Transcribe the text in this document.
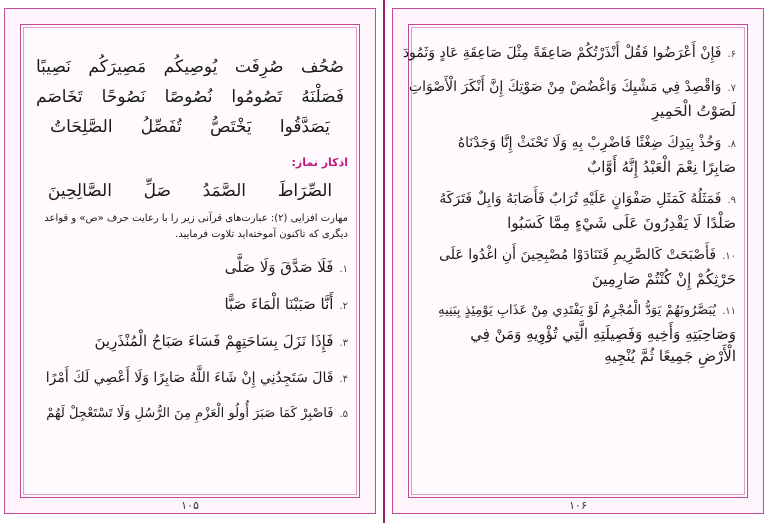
صُحُف
صُرِفَت
يُوصِيكُم
مَصِيرَكُم
نَصِيبًا
فَصَلْنَهُ
تَصُومُوا
نُصُوصًا
نَصُوحًا
تَخَاصَم
يَصَدَّقُوا
يَخْتَصُّ
تُفَصِّلُ
الصَّلِحَاتُ
اذکار نماز:
الصِّرَاطَ
الصَّمَدُ
صَلِّ
الصَّالِحِينَ
مهارت افزایی (۲): عبارت‌های قرآنی زیر را با رعایت حرف «ص» و قواعد دیگری که تاکنون آموخته‌اید تلاوت فرمایید.
۱.فَلَا صَدَّقَ وَلَا صَلَّى
۲.أَنَّا صَبَبْنَا الْمَاءَ صَبًّا
۳.فَإِذَا نَزَلَ بِسَاحَتِهِمْ فَسَاءَ صَبَاحُ الْمُنْذَرِينَ
۴.قَالَ سَتَجِدُنِي إِنْ شَاءَ اللَّهُ صَابِرًا وَلَا أَعْصِي لَكَ أَمْرًا
۵.فَاصْبِرْ كَمَا صَبَرَ أُولُو الْعَزْمِ مِنَ الرُّسُلِ وَلَا تَسْتَعْجِلْ لَهُمْ
۱۰۵
۶.فَإِنْ أَعْرَضُوا فَقُلْ أَنْذَرْتُكُمْ صَاعِقَةً مِثْلَ صَاعِقَةِ عَادٍ وَثَمُودَ
۷.وَاقْصِدْ فِي مَشْيِكَ وَاغْضُضْ مِنْ صَوْتِكَ إِنَّ أَنْكَرَ الْأَصْوَاتِ
لَصَوْتُ الْحَمِيرِ
۸.وَخُذْ بِيَدِكَ ضِغْثًا فَاضْرِبْ بِهِ وَلَا تَحْنَثْ إِنَّا وَجَدْنَاهُ
صَابِرًا نِعْمَ الْعَبْدُ إِنَّهُ أَوَّابٌ
۹.فَمَثَلُهُ كَمَثَلِ صَفْوَانٍ عَلَيْهِ تُرَابٌ فَأَصَابَهُ وَابِلٌ فَتَرَكَهُ
صَلْدًا لَا يَقْدِرُونَ عَلَى شَيْءٍ مِمَّا كَسَبُوا
۱۰.فَأَصْبَحَتْ كَالصَّرِيمِ فَتَنَادَوْا مُصْبِحِينَ أَنِ اغْدُوا عَلَى
حَرْثِكُمْ إِنْ كُنْتُمْ صَارِمِينَ
۱۱.يُبَصَّرُونَهُمْ يَوَدُّ الْمُجْرِمُ لَوْ يَفْتَدِي مِنْ عَذَابِ يَوْمِئِذٍ بِبَنِيهِ
وَصَاحِبَتِهِ وَأَخِيهِ وَفَصِيلَتِهِ الَّتِي تُؤْوِيهِ وَمَنْ فِي
الْأَرْضِ جَمِيعًا ثُمَّ يُنْجِيهِ
۱۰۶
